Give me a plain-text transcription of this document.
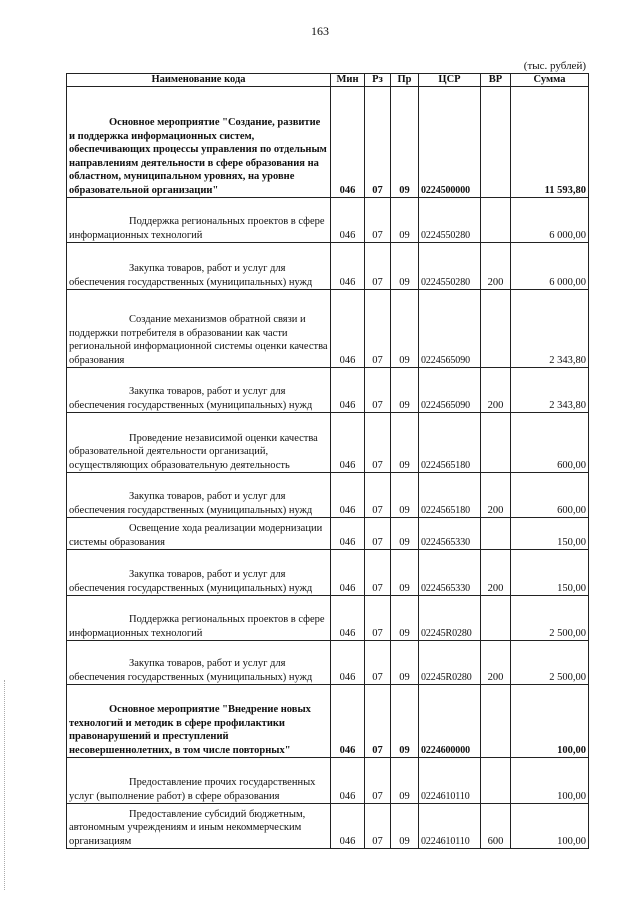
163
(тыс. рублей)
Наименование кода	Мин	Рз	Пр	ЦСР	ВР	Сумма
Основное мероприятие "Создание, развитие и поддержка информационных систем, обеспечивающих процессы управления по отдельным направлениям деятельности в сфере образования на областном, муниципальном уровнях, на уровне образовательной организации"	046	07	09	0224500000		11 593,80
Поддержка региональных проектов в сфере информационных технологий	046	07	09	0224550280		6 000,00
Закупка товаров, работ и услуг для обеспечения государственных (муниципальных) нужд	046	07	09	0224550280	200	6 000,00
Создание механизмов обратной связи и поддержки потребителя в образовании как части региональной информационной системы оценки качества образования	046	07	09	0224565090		2 343,80
Закупка товаров, работ и услуг для обеспечения государственных (муниципальных) нужд	046	07	09	0224565090	200	2 343,80
Проведение независимой оценки качества образовательной деятельности организаций, осуществляющих образовательную деятельность	046	07	09	0224565180		600,00
Закупка товаров, работ и услуг для обеспечения государственных (муниципальных) нужд	046	07	09	0224565180	200	600,00
Освещение хода реализации модернизации системы образования	046	07	09	0224565330		150,00
Закупка товаров, работ и услуг для обеспечения государственных (муниципальных) нужд	046	07	09	0224565330	200	150,00
Поддержка региональных проектов в сфере информационных технологий	046	07	09	02245R0280		2 500,00
Закупка товаров, работ и услуг для обеспечения государственных (муниципальных) нужд	046	07	09	02245R0280	200	2 500,00
Основное мероприятие "Внедрение новых технологий и методик в сфере профилактики правонарушений и преступлений несовершеннолетних, в том числе повторных"	046	07	09	0224600000		100,00
Предоставление прочих государственных услуг (выполнение работ) в сфере образования	046	07	09	0224610110		100,00
Предоставление субсидий бюджетным, автономным учреждениям и иным некоммерческим организациям	046	07	09	0224610110	600	100,00
